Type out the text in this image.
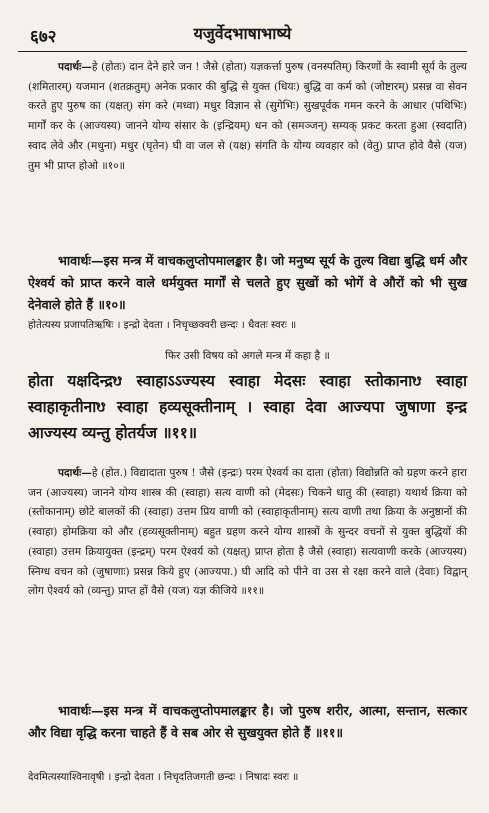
६७२	यजुर्वेदभाषाभाष्ये
पदार्थः—हे (होतः) दान देने हारे जन ! जैसे (होता) यज्ञकर्त्ता पुरुष (वनस्पतिम्) किरणों के स्वामी सूर्य के तुल्य (शमितारम्) यजमान (शतक्रतुम्) अनेक प्रकार की बुद्धि से युक्त (धियः) बुद्धि वा कर्म को (जोष्टारम्) प्रसन्न वा सेवन करते हुए पुरुष का (यक्षत्) संग करे (मध्वा) मधुर विज्ञान से (सुगेभिः) सुखपूर्वक गमन करने के आधार (पथिभिः) मार्गों कर के (आज्यस्य) जानने योग्य संसार के (इन्द्रियम्) धन को (समञ्जन्) सम्यक् प्रकट करता हुआ (स्वदाति) स्वाद लेवे और (मधुना) मधुर (घृतेन) घी वा जल से (यक्ष) संगति के योग्य व्यवहार को (वेतु) प्राप्त होवे वैसे (यज) तुम भी प्राप्त होओ ॥१०॥
भावार्थः—इस मन्त्र में वाचकलुप्तोपमालङ्कार है। जो मनुष्य सूर्य के तुल्य विद्या बुद्धि धर्म और ऐश्वर्य को प्राप्त करने वाले धर्मयुक्त मार्गों से चलते हुए सुखों को भोगें वे औरों को भी सुख देनेवाले होते हैं ॥१०॥
होतेत्यस्य प्रजापतिऋषिः । इन्द्रो देवता । निचृच्छक्वरी छन्दः । धैवतः स्वरः ॥
फिर उसी विषय को अगले मन्त्र में कहा है ॥
होता यक्षदिन्द्रᳪ स्वाहाऽऽज्यस्य स्वाहा मेदसः स्वाहा स्तोकानाᳪ स्वाहा स्वाहाकृतीनाᳪ स्वाहा हव्यसूक्तीनाम् । स्वाहा देवा आज्यपा जुषाणा इन्द्र आज्यस्य व्यन्तु होतर्यज ॥११॥
पदार्थः—हे (होत.) विद्यादाता पुरुष ! जैसे (इन्द्रः) परम ऐश्वर्य का दाता (होता) विद्योन्नति को ग्रहण करने हारा जन (आज्यस्य) जानने योग्य शास्त्र की (स्वाहा) सत्य वाणी को (मेदसः) चिकने धातु की (स्वाहा) यथार्थ क्रिया को (स्तोकानाम्) छोटे बालकों की (स्वाहा) उत्तम प्रिय वाणी को (स्वाहाकृतीनाम्) सत्य वाणी तथा क्रिया के अनुष्ठानों की (स्वाहा) होमक्रिया को और (हव्यसूक्तीनाम्) बहुत ग्रहण करने योग्य शास्त्रों के सुन्दर वचनों से युक्त बुद्धियों की (स्वाहा) उत्तम क्रियायुक्त (इन्द्रम्) परम ऐश्वर्य को (यक्षत्) प्राप्त होता है जैसे (स्वाहा) सत्यवाणी करके (आज्यस्य) स्निग्ध वचन को (जुषाणाः) प्रसन्न किये हुए (आज्यपा.) घी आदि को पीने वा उस से रक्षा करने वाले (देवाः) विद्वान् लोग ऐश्वर्य को (व्यन्तु) प्राप्त हों वैसे (यज) यज्ञ कीजिये ॥११॥
भावार्थः—इस मन्त्र में वाचकलुप्तोपमालङ्कार है। जो पुरुष शरीर, आत्मा, सन्तान, सत्कार और विद्या वृद्धि करना चाहते हैं वे सब ओर से सुखयुक्त होते हैं ॥११॥
देवमित्यस्याश्विनावृषी । इन्द्रो देवता । निचृदतिजगती छन्दः । निषादः स्वरः ॥
